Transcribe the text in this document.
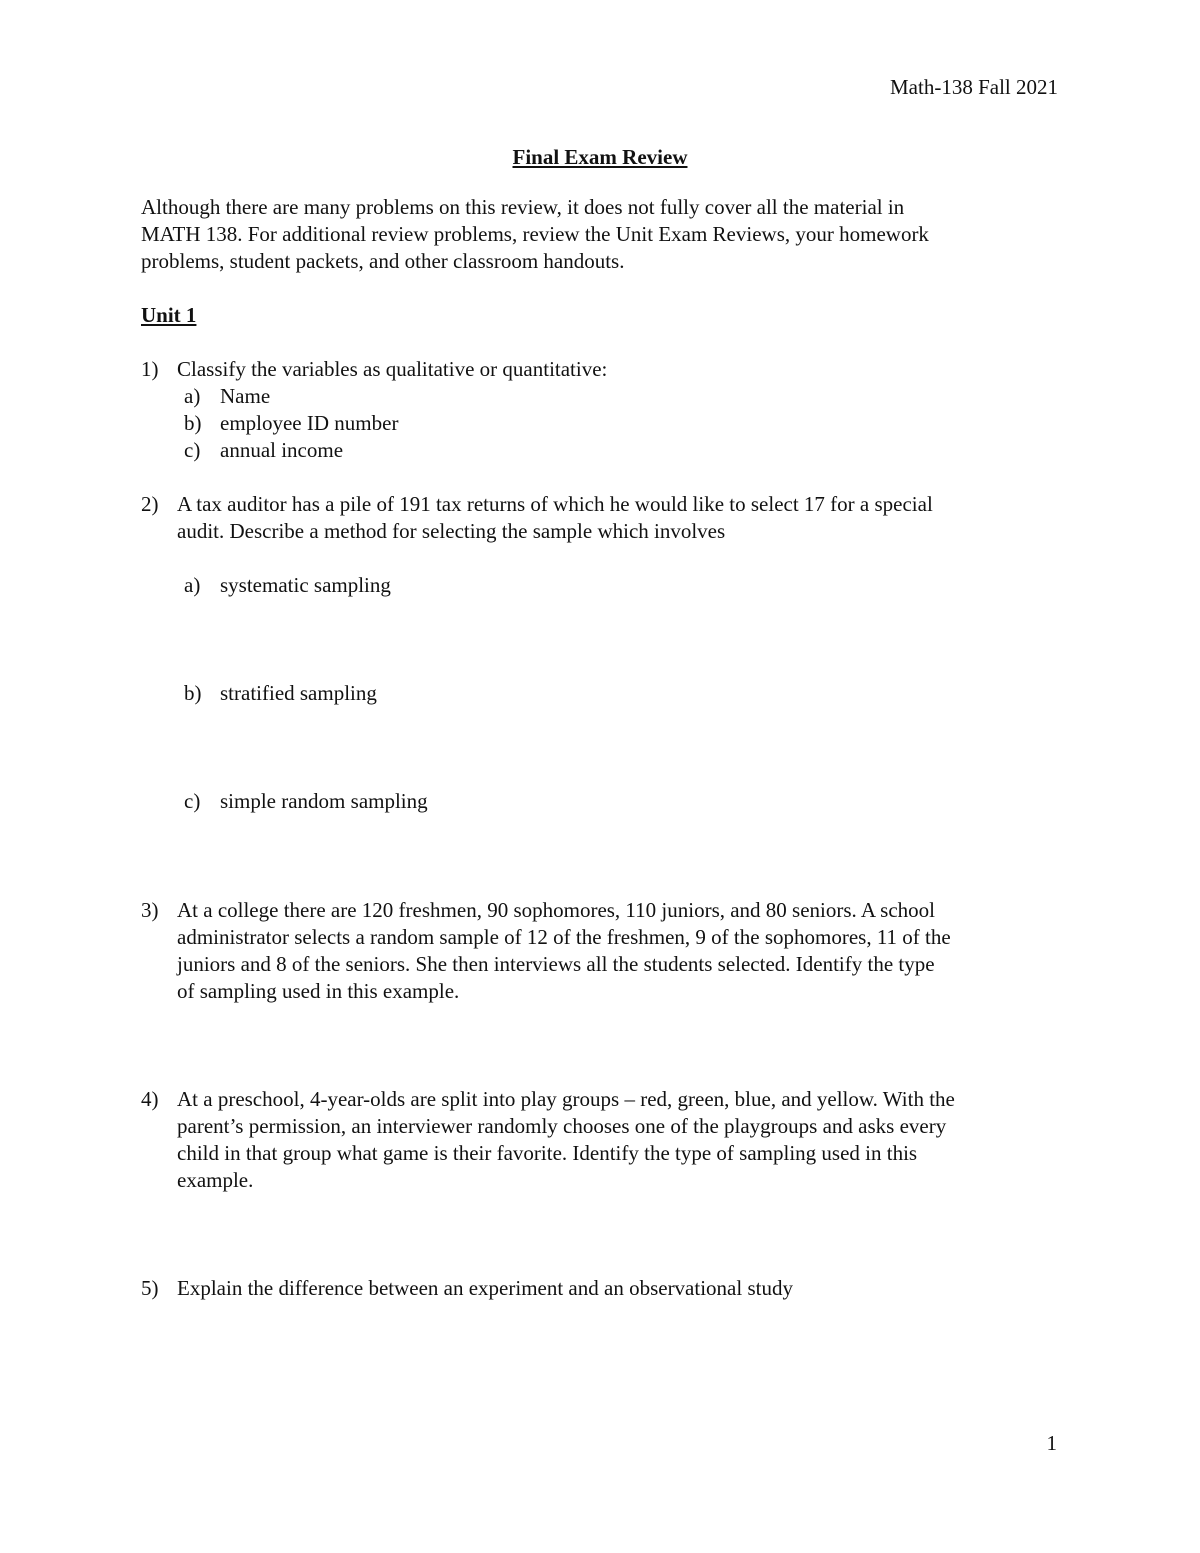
Math-138 Fall 2021
Final Exam Review

Although there are many problems on this review, it does not fully cover all the material in

MATH 138. For additional review problems, review the Unit Exam Reviews, your homework

problems, student packets, and other classroom handouts.

Unit 1
1) Classify the variables as qualitative or quantitative:
a) Name
b) employee ID number
c) annual income
2) A tax auditor has a pile of 191 tax returns of which he would like to select 17 for a special
audit. Describe a method for selecting the sample which involves
a) systematic sampling
b) stratified sampling
c) simple random sampling
3) At a college there are 120 freshmen, 90 sophomores, 110 juniors, and 80 seniors. A school
administrator selects a random sample of 12 of the freshmen, 9 of the sophomores, 11 of the
juniors and 8 of the seniors. She then interviews all the students selected. Identify the type
of sampling used in this example.
4) At a preschool, 4-year-olds are split into play groups – red, green, blue, and yellow. With the
parent’s permission, an interviewer randomly chooses one of the playgroups and asks every
child in that group what game is their favorite. Identify the type of sampling used in this
example.
5) Explain the difference between an experiment and an observational study
1
